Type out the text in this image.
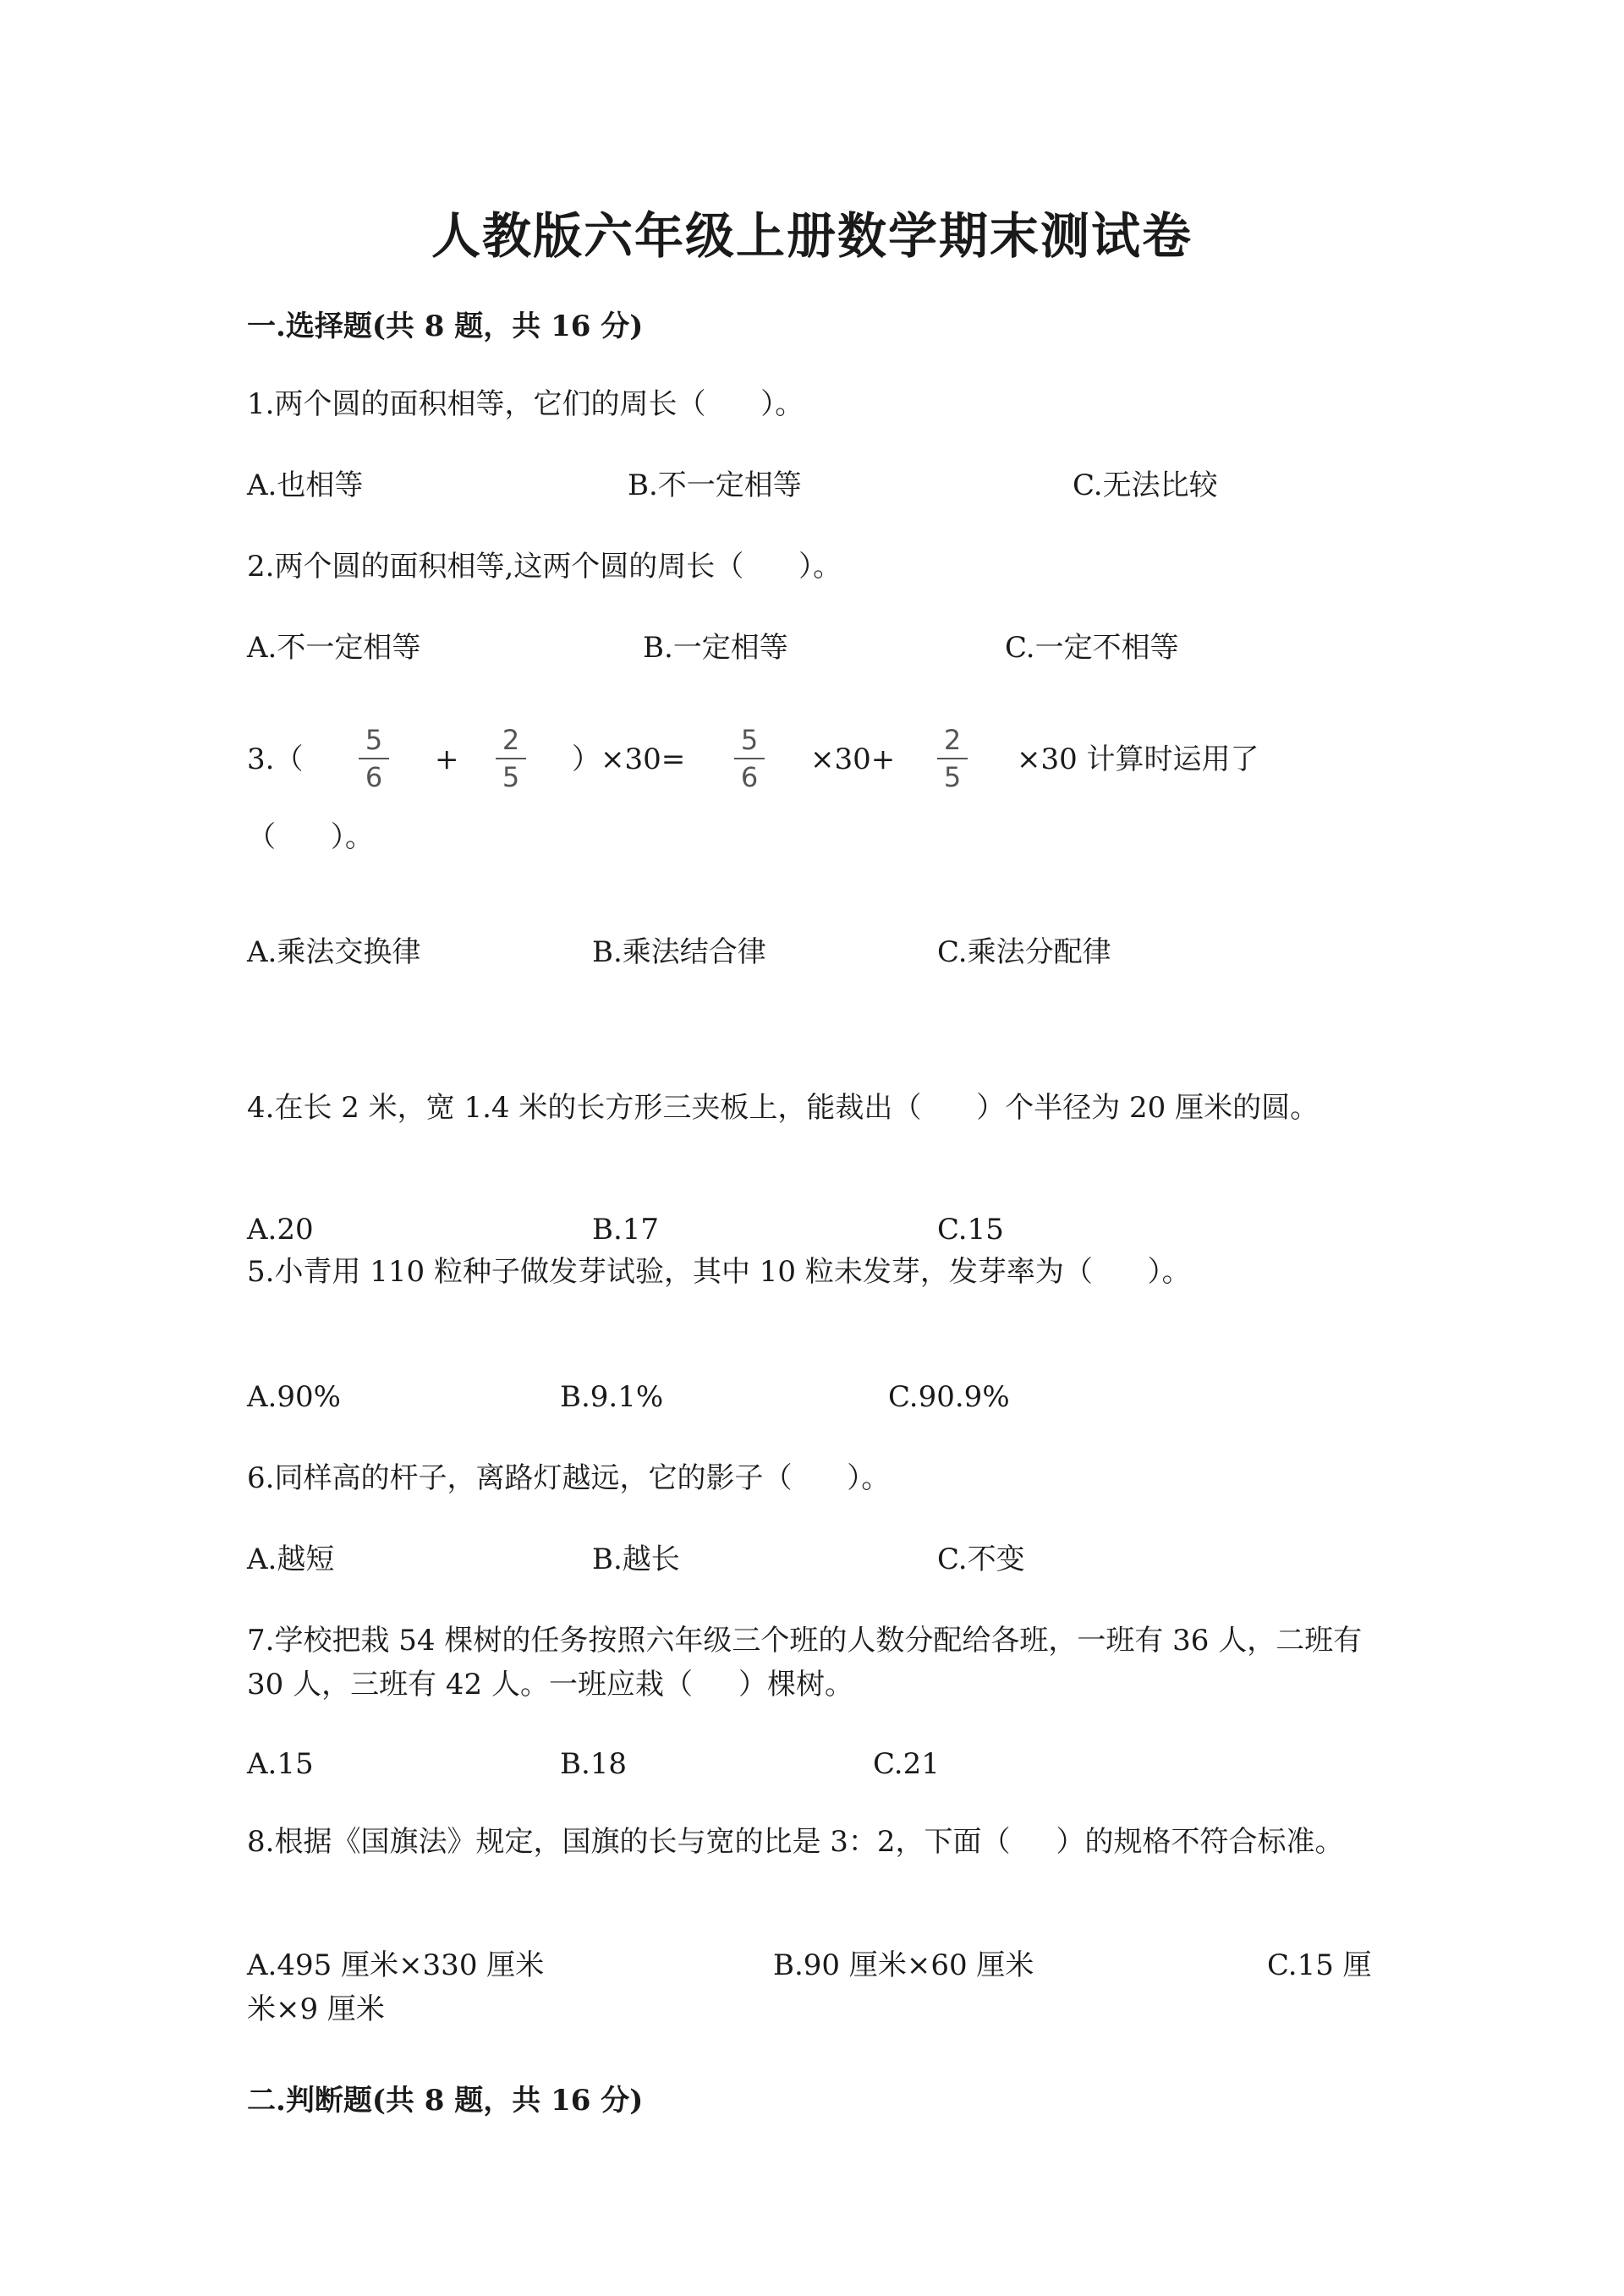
人教版六年级上册数学期末测试卷
一.选择题(共 8 题，共 16 分)
1.两个圆的面积相等，它们的周长（      ）。
A.也相等	B.不一定相等	C.无法比较
2.两个圆的面积相等,这两个圆的周长（      ）。
A.不一定相等	B.一定相等	C.一定不相等
3.（
5
6
+
2
5
）×30=
5
6
×30+
2
5
×30 计算时运用了
（      ）。
A.乘法交换律	B.乘法结合律	C.乘法分配律
4.在长 2 米，宽 1.4 米的长方形三夹板上，能裁出（      ）个半径为 20 厘米的圆。
A.20	B.17	C.15
5.小青用 110 粒种子做发芽试验，其中 10 粒未发芽，发芽率为（      ）。
A.90%	B.9.1%	C.90.9%
6.同样高的杆子，离路灯越远，它的影子（      ）。
A.越短	B.越长	C.不变
7.学校把栽 54 棵树的任务按照六年级三个班的人数分配给各班，一班有 36 人，二班有 30 人，三班有 42 人。一班应栽（     ）棵树。
A.15	B.18	C.21
8.根据《国旗法》规定，国旗的长与宽的比是 3：2，下面（     ）的规格不符合标准。
A.495 厘米×330 厘米	B.90 厘米×60 厘米	C.15 厘
米×9 厘米
二.判断题(共 8 题，共 16 分)
